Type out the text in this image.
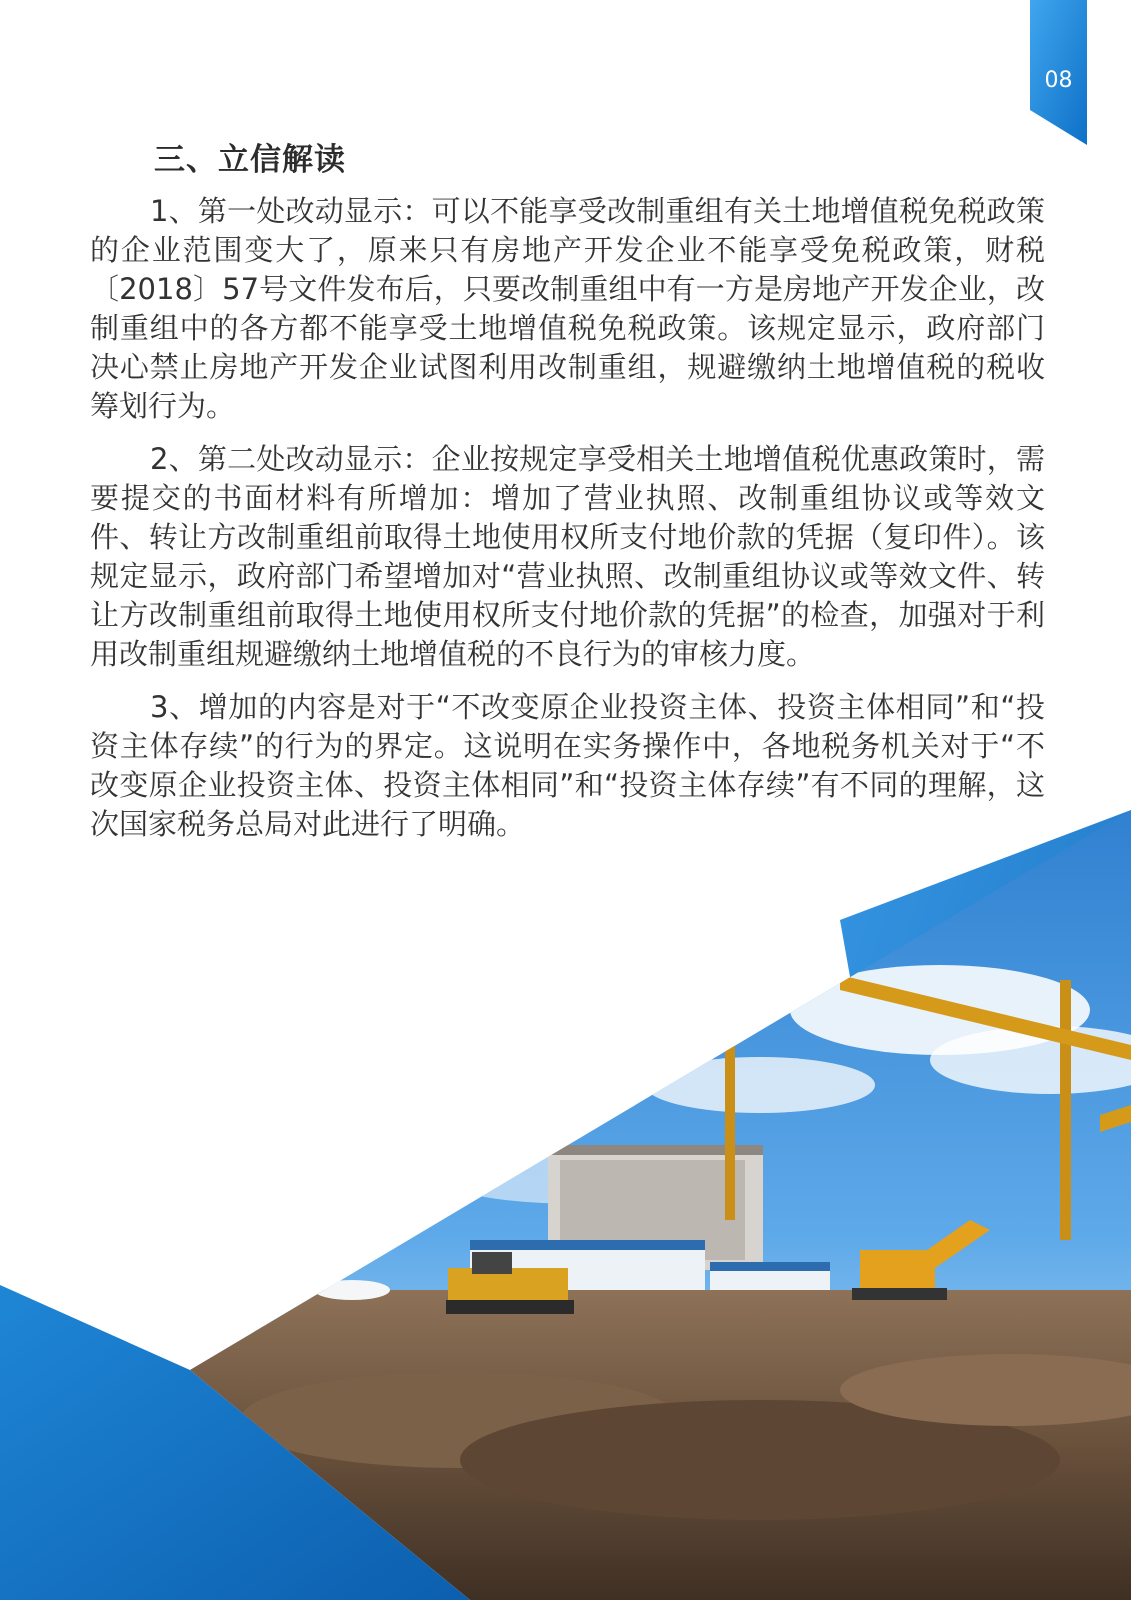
08
三、立信解读

1、第一处改动显示：可以不能享受改制重组有关土地增值税免税政策的企业范围变大了，原来只有房地产开发企业不能享受免税政策，财税〔2018〕57号文件发布后，只要改制重组中有一方是房地产开发企业，改制重组中的各方都不能享受土地增值税免税政策。该规定显示，政府部门决心禁止房地产开发企业试图利用改制重组，规避缴纳土地增值税的税收筹划行为。

2、第二处改动显示：企业按规定享受相关土地增值税优惠政策时，需要提交的书面材料有所增加：增加了营业执照、改制重组协议或等效文件、转让方改制重组前取得土地使用权所支付地价款的凭据（复印件）。该规定显示，政府部门希望增加对“营业执照、改制重组协议或等效文件、转让方改制重组前取得土地使用权所支付地价款的凭据”的检查，加强对于利用改制重组规避缴纳土地增值税的不良行为的审核力度。

3、增加的内容是对于“不改变原企业投资主体、投资主体相同”和“投资主体存续”的行为的界定。这说明在实务操作中，各地税务机关对于“不改变原企业投资主体、投资主体相同”和“投资主体存续”有不同的理解，这次国家税务总局对此进行了明确。
